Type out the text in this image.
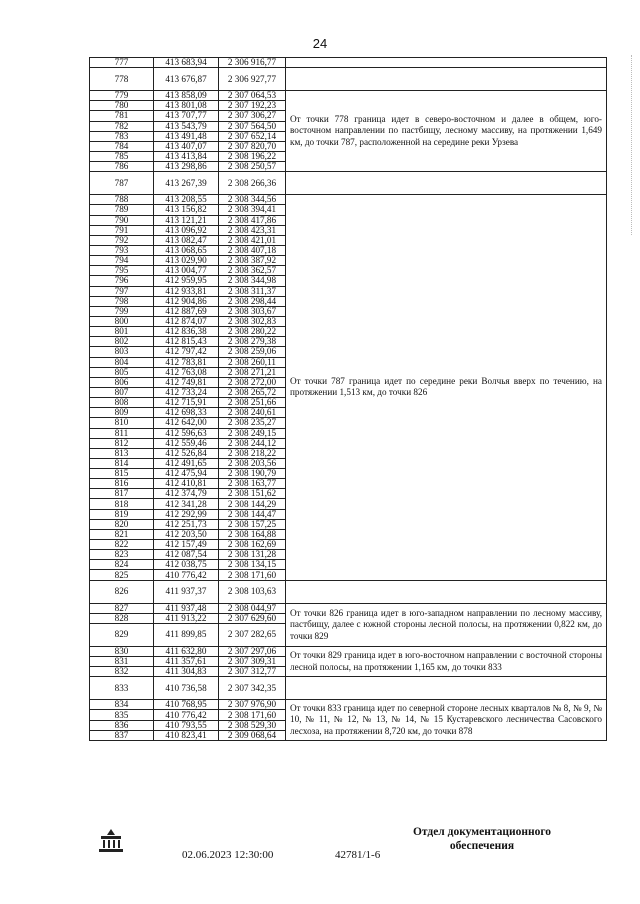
24
777	413 683,94	2 306 916,77	
778	413 676,87	2 306 927,77	
779	413 858,09	2 307 064,53	От точки 778 граница идет в северо-восточном и далее в общем, юго-восточном направлении по пастбищу, лесному массиву, на протяжении 1,649 км, до точки 787, расположенной на середине реки Урзева
780	413 801,08	2 307 192,23	
781	413 707,77	2 307 306,27	
782	413 543,79	2 307 564,50	
783	413 491,48	2 307 652,14	
784	413 407,07	2 307 820,70	
785	413 413,84	2 308 196,22	
786	413 298,86	2 308 250,57	
787	413 267,39	2 308 266,36	
788	413 208,55	2 308 344,56	От точки 787 граница идет по середине реки Волчья вверх по течению, на протяжении 1,513 км, до точки 826
789	413 156,82	2 308 394,41	
790	413 121,21	2 308 417,86	
791	413 096,92	2 308 423,31	
792	413 082,47	2 308 421,01	
793	413 068,65	2 308 407,18	
794	413 029,90	2 308 387,92	
795	413 004,77	2 308 362,57	
796	412 959,95	2 308 344,98	
797	412 933,81	2 308 311,37	
798	412 904,86	2 308 298,44	
799	412 887,69	2 308 303,67	
800	412 874,07	2 308 302,83	
801	412 836,38	2 308 280,22	
802	412 815,43	2 308 279,38	
803	412 797,42	2 308 259,06	
804	412 783,81	2 308 260,11	
805	412 763,08	2 308 271,21	
806	412 749,81	2 308 272,00	
807	412 733,24	2 308 265,72	
808	412 715,91	2 308 251,66	
809	412 698,33	2 308 240,61	
810	412 642,00	2 308 235,27	
811	412 596,63	2 308 249,15	
812	412 559,46	2 308 244,12	
813	412 526,84	2 308 218,22	
814	412 491,65	2 308 203,56	
815	412 475,94	2 308 190,79	
816	412 410,81	2 308 163,77	
817	412 374,79	2 308 151,62	
818	412 341,28	2 308 144,29	
819	412 292,99	2 308 144,47	
820	412 251,73	2 308 157,25	
821	412 203,50	2 308 164,88	
822	412 157,49	2 308 162,69	
823	412 087,54	2 308 131,28	
824	412 038,75	2 308 134,15	
825	410 776,42	2 308 171,60	
826	411 937,37	2 308 103,63	
827	411 937,48	2 308 044,97	От точки 826 граница идет в юго-западном направлении по лесному массиву, пастбищу, далее с южной стороны лесной полосы, на протяжении 0,822 км, до точки 829
828	411 913,22	2 307 629,60	
829	411 899,85	2 307 282,65	
830	411 632,80	2 307 297,06	От точки 829 граница идет в юго-восточном направлении с восточной стороны лесной полосы, на протяжении 1,165 км, до точки 833
831	411 357,61	2 307 309,31	
832	411 304,83	2 307 312,77	
833	410 736,58	2 307 342,35	
834	410 768,95	2 307 976,90	От точки 833 граница идет по северной стороне лесных кварталов № 8, № 9, № 10, № 11, № 12, № 13, № 14, № 15 Кустаревского лесничества Сасовского лесхоза, на протяжении 8,720 км, до точки 878
835	410 776,42	2 308 171,60	
836	410 793,55	2 308 529,30	
837	410 823,41	2 309 068,64	
Отдел документационного обеспечения
02.06.2023 12:30:00	42781/1-6
